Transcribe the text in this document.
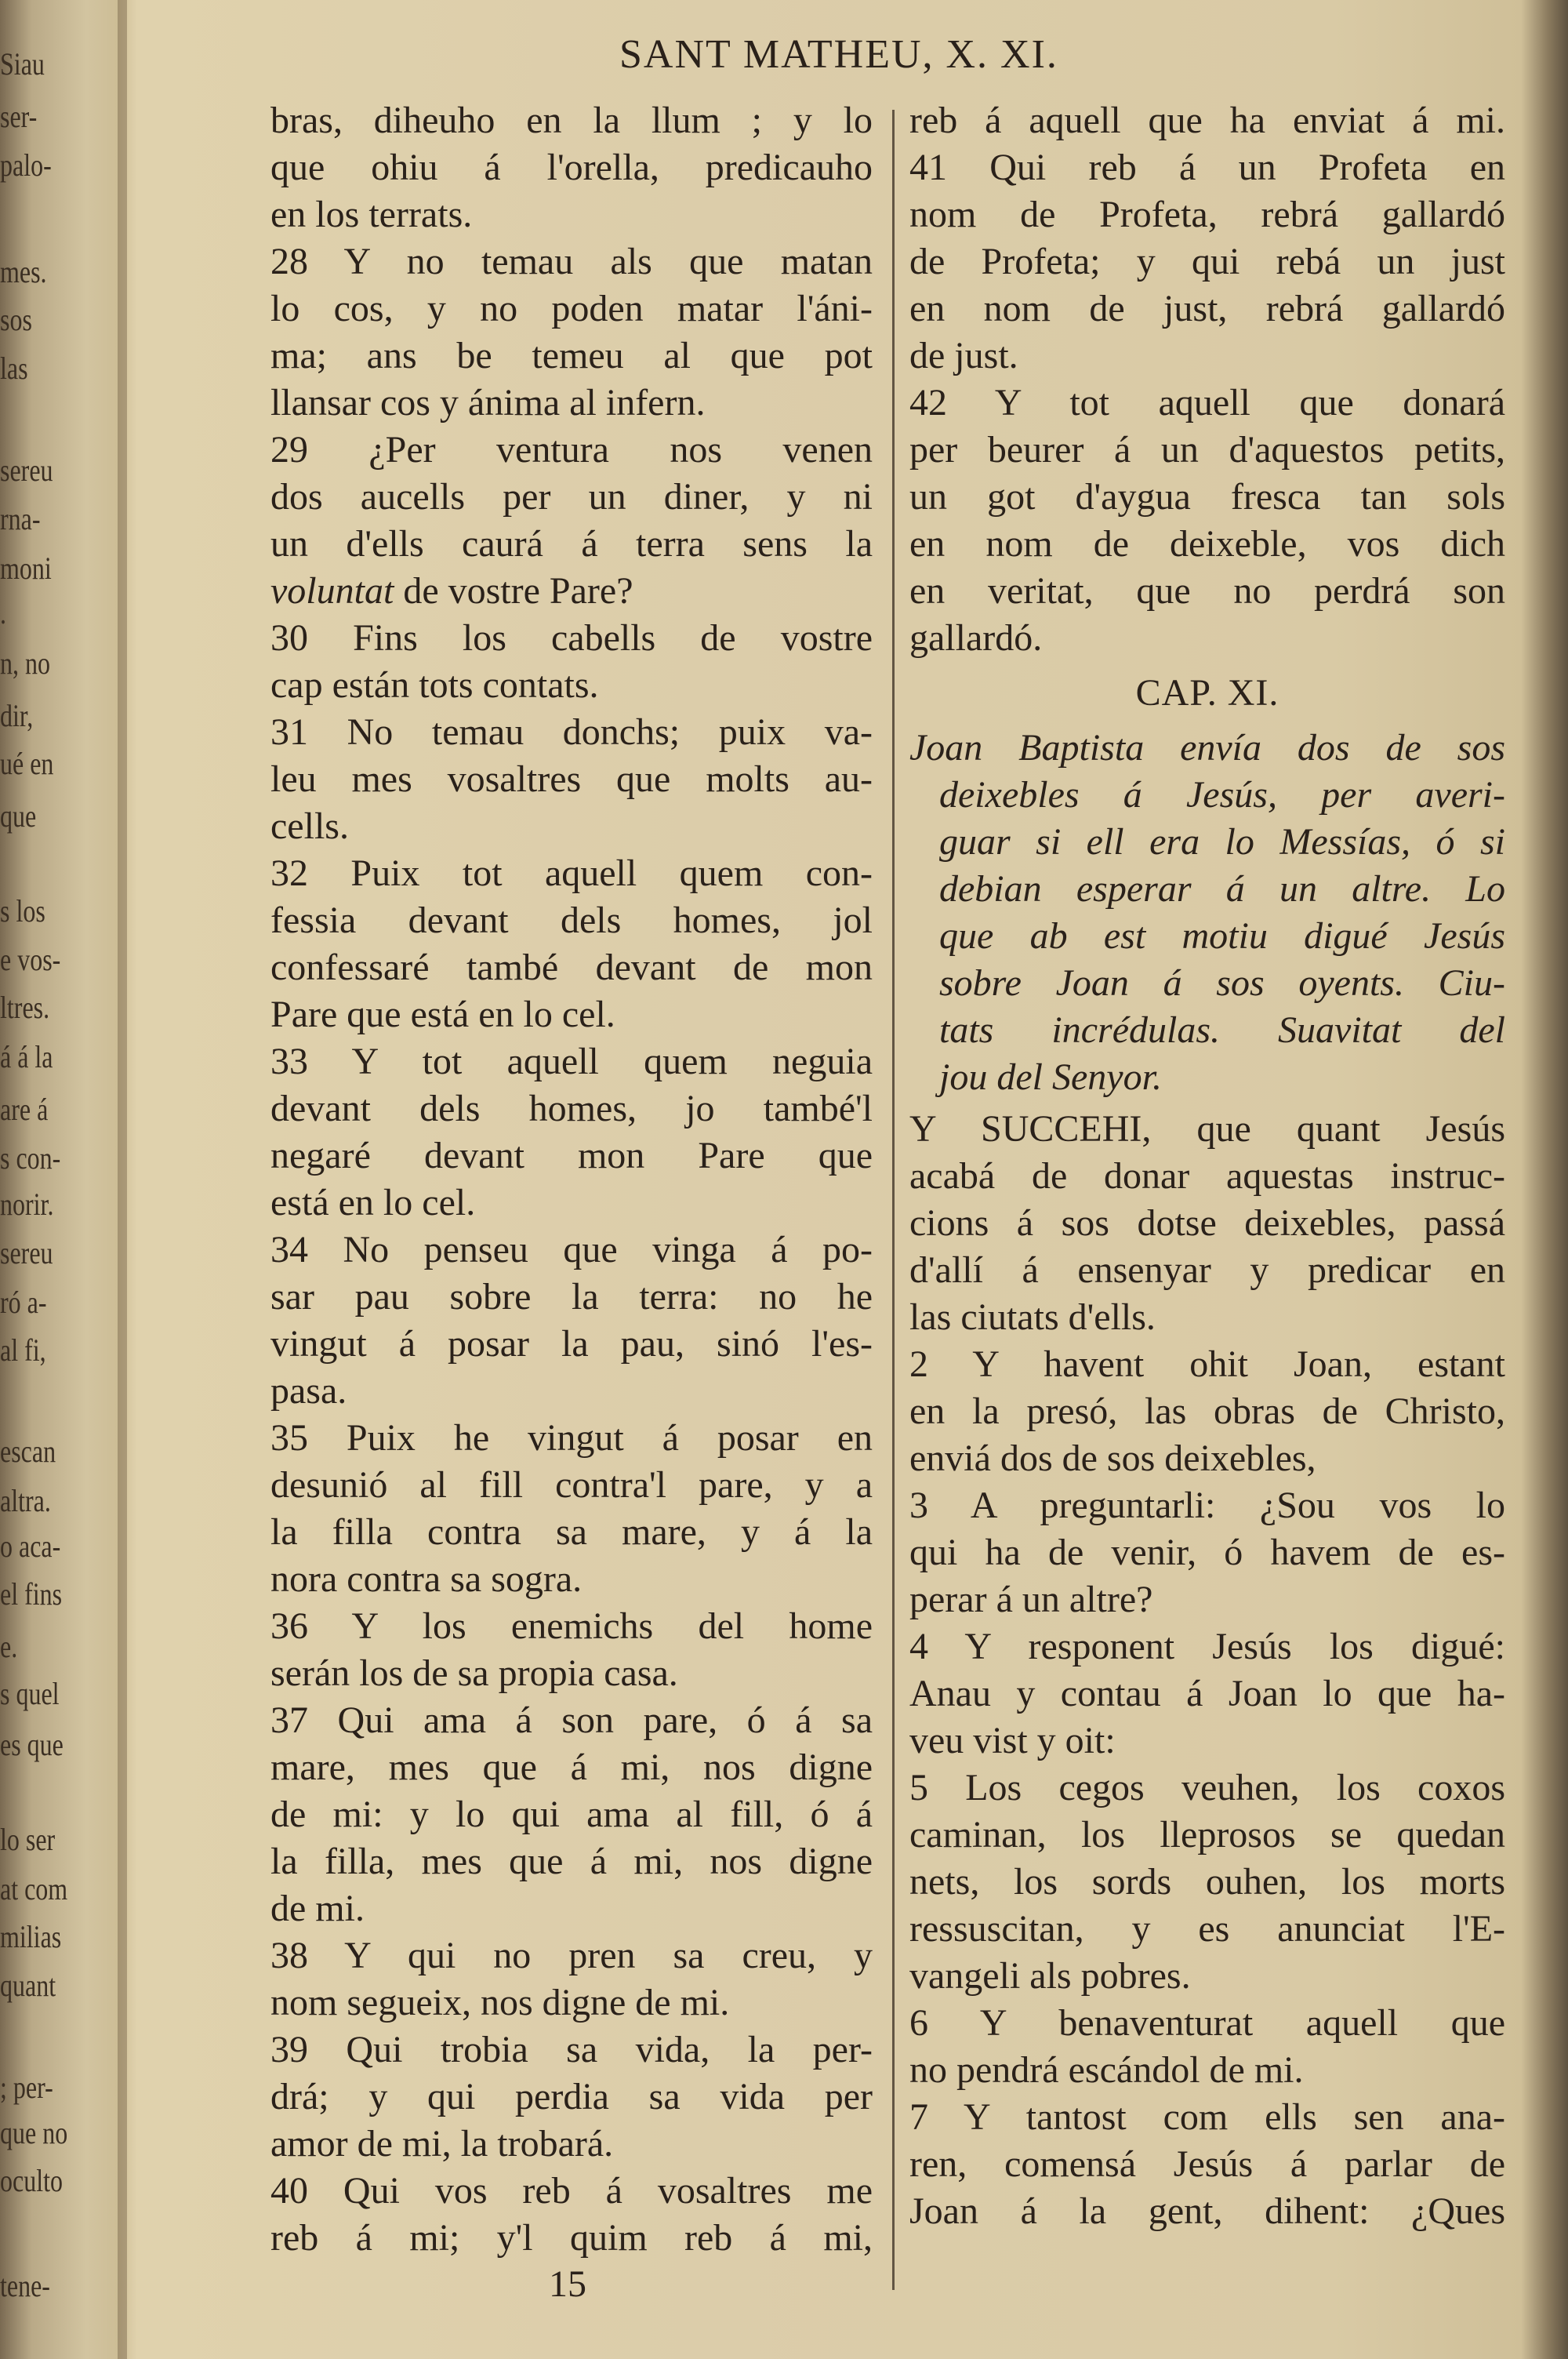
Siau
ser-
palo-
mes.
sos
las
sereu
rna-
moni
.
n, no
dir,
ué en
que
s los
e vos-
ltres.
á á la
are á
s con-
norir.
sereu
ró a-
al fi,
escan
altra.
o aca-
el fins
e.
s quel
es que
lo ser
at com
milias
quant
; per-
que no
oculto
tene-
SANT MATHEU, X. XI.
bras, diheuho en la llum ; y lo
que ohiu á l'orella, predicauho
en los terrats.
28 Y no temau als que matan
lo cos, y no poden matar l'áni-
ma; ans be temeu al que pot
llansar cos y ánima al infern.
29 ¿Per ventura nos venen
dos aucells per un diner, y ni
un d'ells caurá á terra sens la
voluntat de vostre Pare?
30 Fins los cabells de vostre
cap están tots contats.
31 No temau donchs; puix va-
leu mes vosaltres que molts au-
cells.
32 Puix tot aquell quem con-
fessia devant dels homes, jol
confessaré també devant de mon
Pare que está en lo cel.
33 Y tot aquell quem neguia
devant dels homes, jo també'l
negaré devant mon Pare que
está en lo cel.
34 No penseu que vinga á po-
sar pau sobre la terra: no he
vingut á posar la pau, sinó l'es-
pasa.
35 Puix he vingut á posar en
desunió al fill contra'l pare, y a
la filla contra sa mare, y á la
nora contra sa sogra.
36 Y los enemichs del home
serán los de sa propia casa.
37 Qui ama á son pare, ó á sa
mare, mes que á mi, nos digne
de mi: y lo qui ama al fill, ó á
la filla, mes que á mi, nos digne
de mi.
38 Y qui no pren sa creu, y
nom segueix, nos digne de mi.
39 Qui trobia sa vida, la per-
drá; y qui perdia sa vida per
amor de mi, la trobará.
40 Qui vos reb á vosaltres me
reb á mi; y'l quim reb á mi,
reb á aquell que ha enviat á mi.
41 Qui reb á un Profeta en
nom de Profeta, rebrá gallardó
de Profeta; y qui rebá un just
en nom de just, rebrá gallardó
de just.
42 Y tot aquell que donará
per beurer á un d'aquestos petits,
un got d'aygua fresca tan sols
en nom de deixeble, vos dich
en veritat, que no perdrá son
gallardó.
CAP. XI.
Joan Baptista envía dos de sos
deixebles á Jesús, per averi-
guar si ell era lo Messías, ó si
debian esperar á un altre. Lo
que ab est motiu digué Jesús
sobre Joan á sos oyents. Ciu-
tats incrédulas. Suavitat del
jou del Senyor.
Y SUCCEHI, que quant Jesús
acabá de donar aquestas instruc-
cions á sos dotse deixebles, passá
d'allí á ensenyar y predicar en
las ciutats d'ells.
2 Y havent ohit Joan, estant
en la presó, las obras de Christo,
enviá dos de sos deixebles,
3 A preguntarli: ¿Sou vos lo
qui ha de venir, ó havem de es-
perar á un altre?
4 Y responent Jesús los digué:
Anau y contau á Joan lo que ha-
veu vist y oit:
5 Los cegos veuhen, los coxos
caminan, los lleprosos se quedan
nets, los sords ouhen, los morts
ressuscitan, y es anunciat l'E-
vangeli als pobres.
6 Y benaventurat aquell que
no pendrá escándol de mi.
7 Y tantost com ells sen ana-
ren, comensá Jesús á parlar de
Joan á la gent, dihent: ¿Ques
15
